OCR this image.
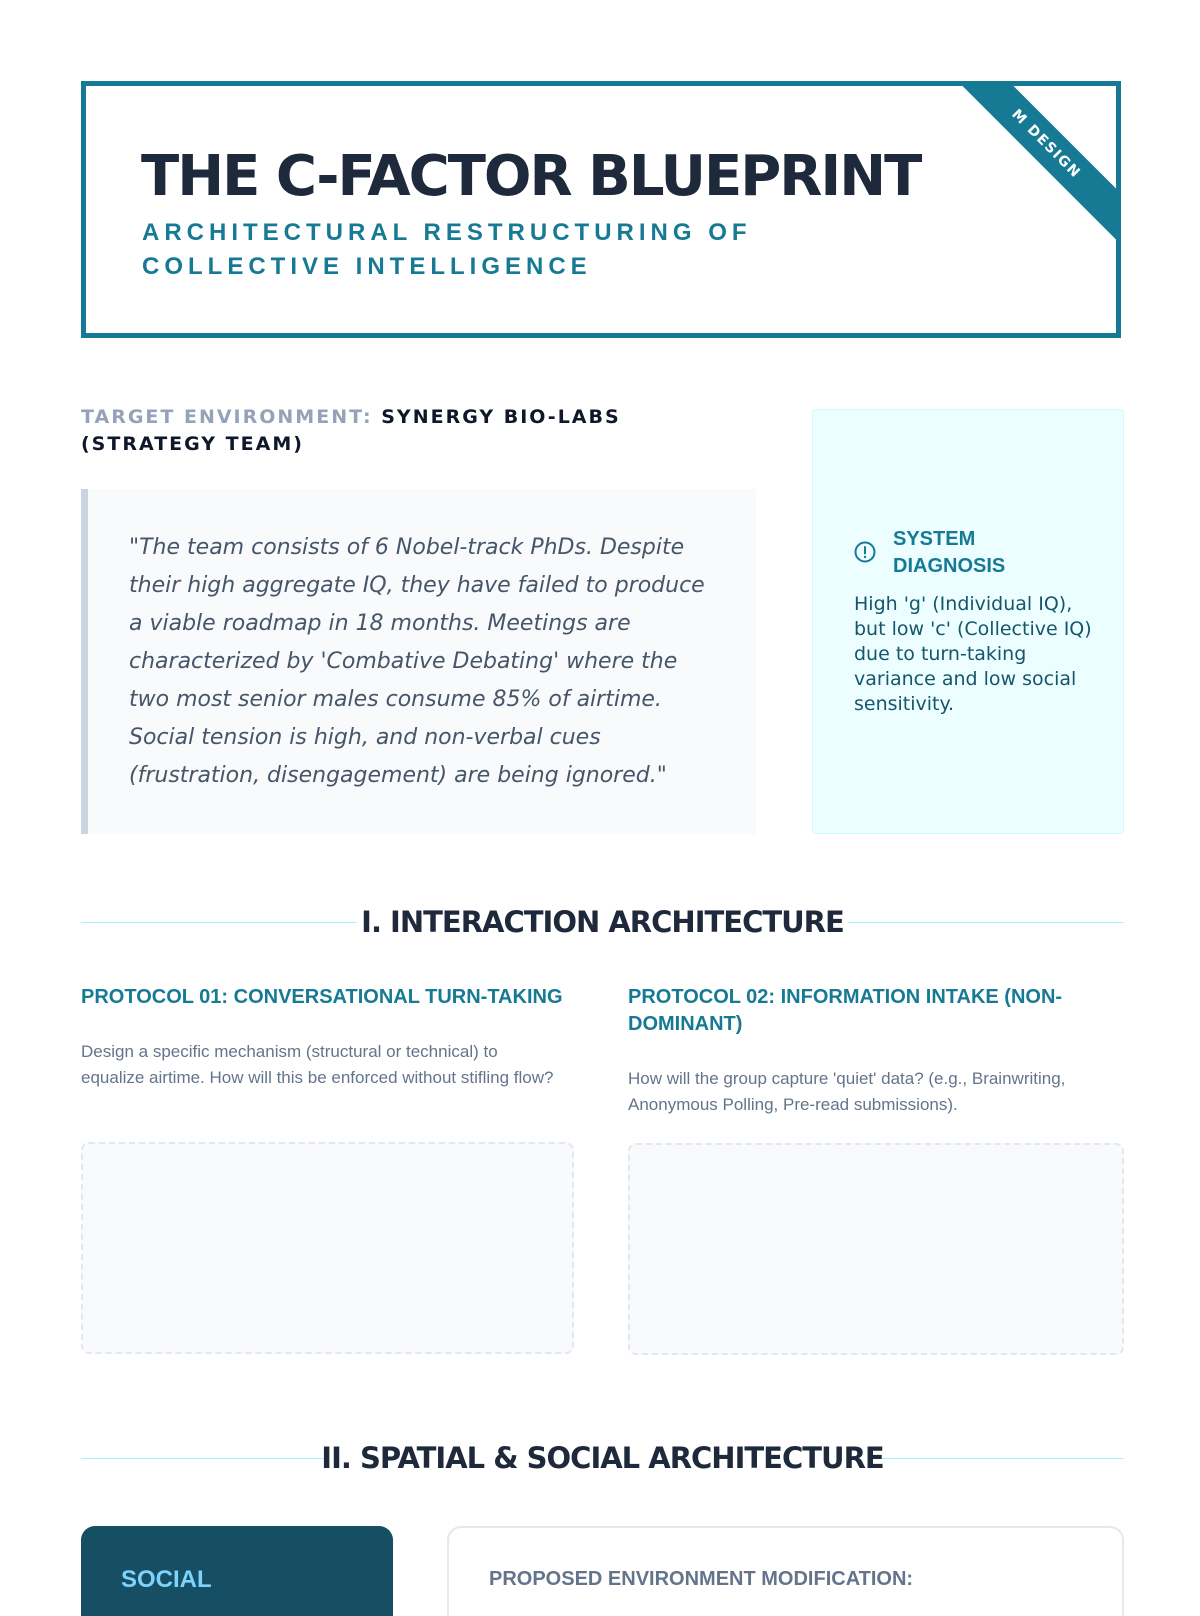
M DESIGN
THE C-FACTOR BLUEPRINT

ARCHITECTURAL RESTRUCTURING OF COLLECTIVE INTELLIGENCE

TARGET ENVIRONMENT: SYNERGY BIO-LABS (STRATEGY TEAM)

"The team consists of 6 Nobel-track PhDs. Despite their high aggregate IQ, they have failed to produce a viable roadmap in 18 months. Meetings are characterized by 'Combative Debating' where the two most senior males consume 85% of airtime. Social tension is high, and non-verbal cues (frustration, disengagement) are being ignored."

SYSTEM DIAGNOSIS

High 'g' (Individual IQ), but low 'c' (Collective IQ) due to turn-taking variance and low social sensitivity.

I. INTERACTION ARCHITECTURE
PROTOCOL 01: CONVERSATIONAL TURN-TAKING

Design a specific mechanism (structural or technical) to equalize airtime. How will this be enforced without stifling flow?

PROTOCOL 02: INFORMATION INTAKE (NON-DOMINANT)

How will the group capture 'quiet' data? (e.g., Brainwriting, Anonymous Polling, Pre-read submissions).

II. SPATIAL & SOCIAL ARCHITECTURE
SOCIAL	PROPOSED ENVIRONMENT MODIFICATION:
